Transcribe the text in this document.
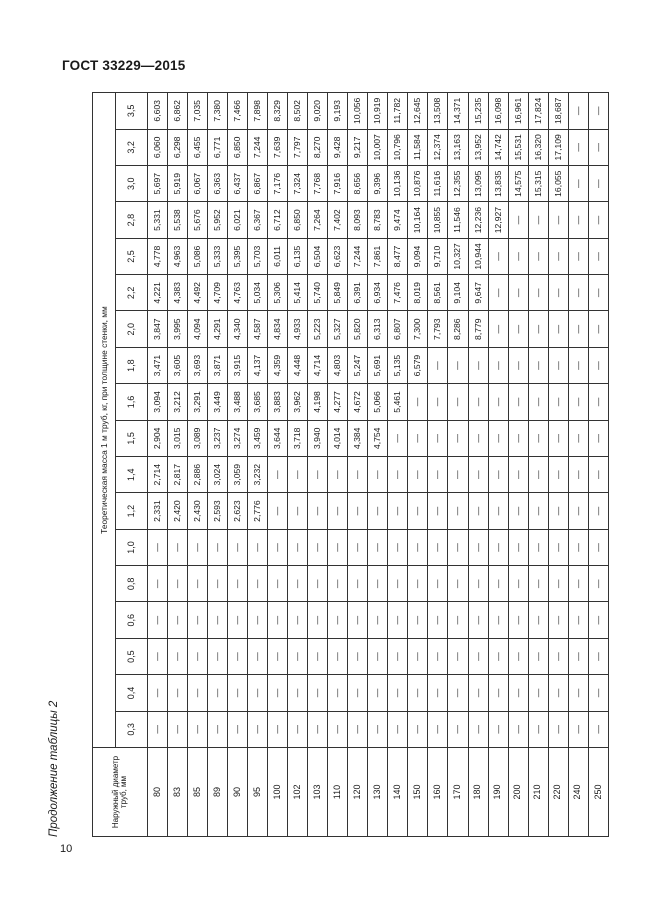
ГОСТ 33229—2015
Продолжение таблицы 2	Наружный диаметр труб, мм	Теоретическая масса 1 м труб, кг, при толщине стенки, мм																	
	0,3	0,4	0,5	0,6	0,8	1,0	1,2	1,4	1,5	1,6	1,8	2,0	2,2	2,5	2,8	3,0	3,2	3,5
80	—	—	—	—	—	—	2,331	2,714	2,904	3,094	3,471	3,847	4,221	4,778	5,331	5,697	6,060	6,603
83	—	—	—	—	—	—	2,420	2,817	3,015	3,212	3,605	3,995	4,383	4,963	5,538	5,919	6,298	6,862
85	—	—	—	—	—	—	2,430	2,886	3,089	3,291	3,693	4,094	4,492	5,086	5,676	6,067	6,455	7,035
89	—	—	—	—	—	—	2,593	3,024	3,237	3,449	3,871	4,291	4,709	5,333	5,952	6,363	6,771	7,380
90	—	—	—	—	—	—	2,623	3,059	3,274	3,488	3,915	4,340	4,763	5,395	6,021	6,437	6,850	7,466
95	—	—	—	—	—	—	2,776	3,232	3,459	3,685	4,137	4,587	5,034	5,703	6,367	6,867	7,244	7,898
100	—	—	—	—	—	—	—	—	3,644	3,883	4,359	4,834	5,306	6,011	6,712	7,176	7,639	8,329
102	—	—	—	—	—	—	—	—	3,718	3,962	4,448	4,933	5,414	6,135	6,850	7,324	7,797	8,502
103	—	—	—	—	—	—	—	—	3,940	4,198	4,714	5,223	5,740	6,504	7,264	7,768	8,270	9,020
110	—	—	—	—	—	—	—	—	4,014	4,277	4,803	5,327	5,849	6,623	7,402	7,916	9,428	9,193
120	—	—	—	—	—	—	—	—	4,384	4,672	5,247	5,820	6,391	7,244	8,093	8,656	9,217	10,056
130	—	—	—	—	—	—	—	—	4,754	5,066	5,691	6,313	6,934	7,861	8,783	9,396	10,007	10,919
140	—	—	—	—	—	—	—	—	—	5,461	5,135	6,807	7,476	8,477	9,474	10,136	10,796	11,782
150	—	—	—	—	—	—	—	—	—	—	6,579	7,300	8,019	9,094	10,164	10,876	11,584	12,645
160	—	—	—	—	—	—	—	—	—	—	—	7,793	8,561	9,710	10,855	11,616	12,374	13,508
170	—	—	—	—	—	—	—	—	—	—	—	8,286	9,104	10,327	11,546	12,355	13,163	14,371
180	—	—	—	—	—	—	—	—	—	—	—	8,779	9,647	10,944	12,236	13,095	13,952	15,235
190	—	—	—	—	—	—	—	—	—	—	—	—	—	—	12,927	13,835	14,742	16,098
200	—	—	—	—	—	—	—	—	—	—	—	—	—	—	—	14,575	15,531	16,961
210	—	—	—	—	—	—	—	—	—	—	—	—	—	—	—	15,315	16,320	17,824
220	—	—	—	—	—	—	—	—	—	—	—	—	—	—	—	16,055	17,109	18,687
240	—	—	—	—	—	—	—	—	—	—	—	—	—	—	—	—	—	—
250	—	—	—	—	—	—	—	—	—	—	—	—	—	—	—	—	—	—
10
